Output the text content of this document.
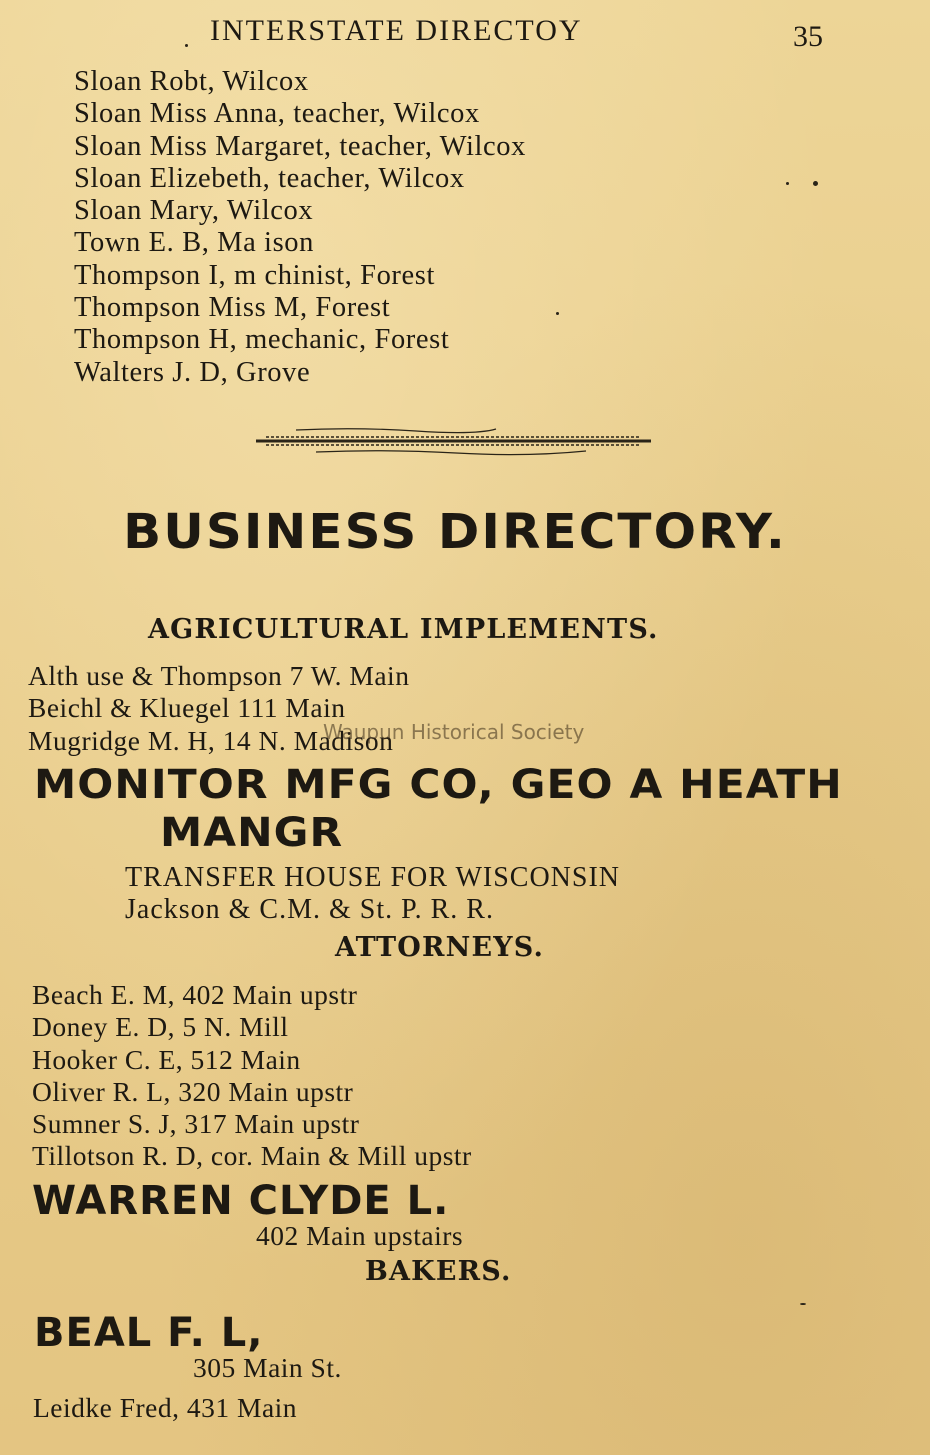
INTERSTATE DIRECTOY	35
Sloan Robt, Wilcox
Sloan Miss Anna, teacher, Wilcox
Sloan Miss Margaret, teacher, Wilcox
Sloan Elizebeth, teacher, Wilcox
Sloan Mary, Wilcox
Town E. B, Ma ison
Thompson I, m chinist, Forest
Thompson Miss M, Forest
Thompson H, mechanic, Forest
Walters J. D, Grove
BUSINESS DIRECTORY.
AGRICULTURAL IMPLEMENTS.
Alth use & Thompson 7 W. Main
Beichl & Kluegel 111 Main
Mugridge M. H, 14 N. Madison
Waupun Historical Society
MONITOR MFG CO, GEO A HEATH
MANGR
TRANSFER HOUSE FOR WISCONSIN
Jackson & C.M. & St. P. R. R.
ATTORNEYS.
Beach E. M, 402 Main upstr
Doney E. D, 5 N. Mill
Hooker C. E, 512 Main
Oliver R. L, 320 Main upstr
Sumner S. J, 317 Main upstr
Tillotson R. D, cor. Main & Mill upstr
WARREN CLYDE L.
402 Main upstairs
BAKERS.
BEAL F. L,
305 Main St.
Leidke Fred, 431 Main
